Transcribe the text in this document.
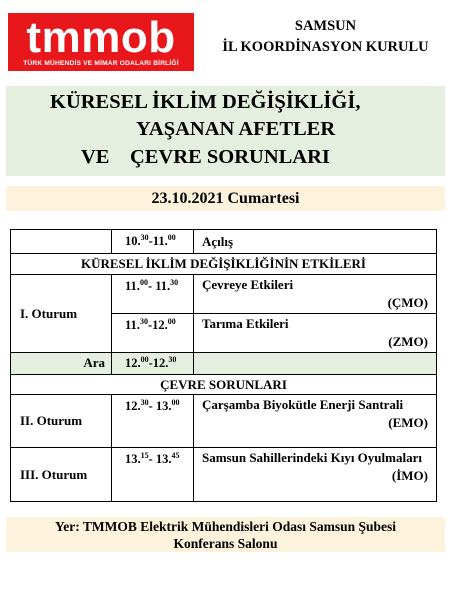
tmmob
TÜRK MÜHENDİS VE MİMAR ODALARI BİRLİĞİ
SAMSUN
İL KOORDİNASYON KURULU
KÜRESEL İKLİM DEĞİŞİKLİĞİ,
YAŞANAN AFETLER
VE    ÇEVRE SORUNLARI
23.10.2021 Cumartesi
	10.30-11.00	Açılış
KÜRESEL İKLİM DEĞİŞİKLİĞİNİN ETKİLERİ		
I. Oturum	11.00- 11.30	Çevreye Etkileri
(ÇMO)

	11.30-12.00	Tarıma Etkileri
(ZMO)

Ara	12.00-12.30	
ÇEVRE SORUNLARI		
II. Oturum	12.30- 13.00	Çarşamba Biyokütle Enerji Santrali
(EMO)

III. Oturum	13.15- 13.45	Samsun Sahillerindeki Kıyı Oyulmaları
(İMO)
Yer: TMMOB Elektrik Mühendisleri Odası Samsun Şubesi
Konferans Salonu
